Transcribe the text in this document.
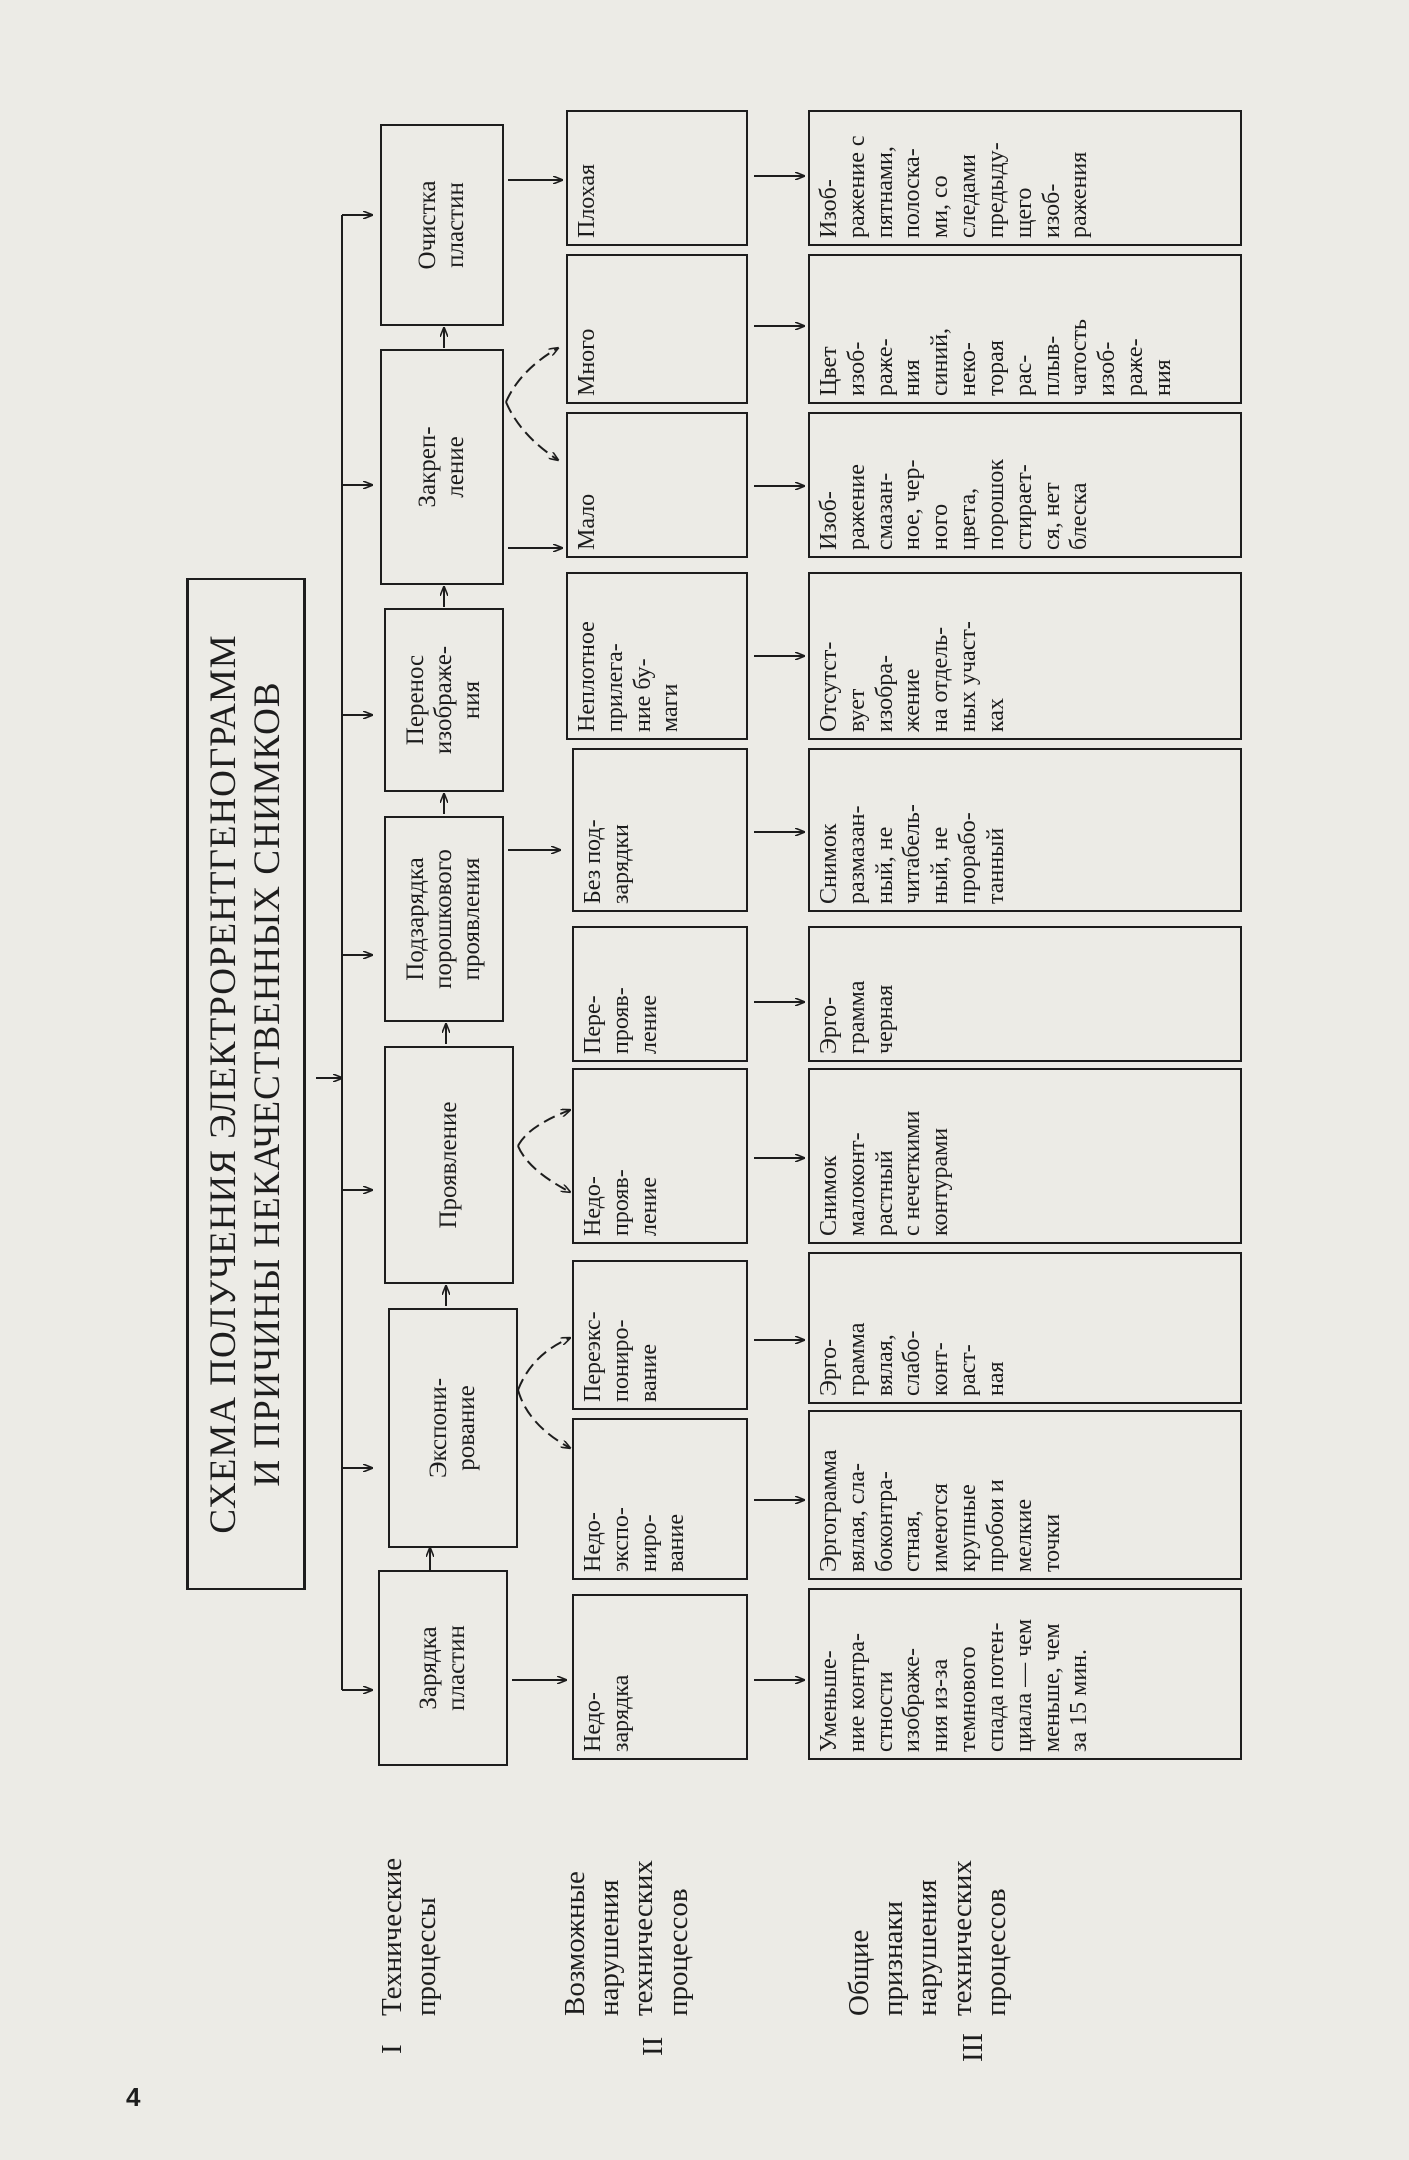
4
СХЕМА ПОЛУЧЕНИЯ ЭЛЕКТРОРЕНТГЕНОГРАММ И ПРИЧИНЫ НЕКАЧЕСТВЕННЫХ СНИМКОВ
I
Технические
процессы
II
Возможные
нарушения
технических
процессов
III
Общие
признаки
нарушения
технических
процессов
Зарядка
пластин
Экспони-
рование
Проявление
Подзарядка
порошкового
проявления
Перенос
изображе-
ния
Закреп-
ление
Очистка
пластин
Недо-
зарядка
Недо-
экспо-
ниро-
вание
Переэкс-
пониро-
вание
Недо-
прояв-
ление
Пере-
прояв-
ление
Без под-
зарядки
Неплотное
прилега-
ние бу-
маги
Мало
Много
Плохая
Уменьше-
ние контра-
стности
изображе-
ния из-за
темнового
спада потен-
циала — чем
меньше, чем
за 15 мин.
Эргограмма
вялая, сла-
боконтра-
стная,
имеются
крупные
пробои и
мелкие
точки
Эрго-
грамма
вялая,
слабо-
конт-
раст-
ная
Снимок
малоконт-
растный
с нечеткими
контурами
Эрго-
грамма
черная
Снимок
размазан-
ный, не
читабель-
ный, не
прорабо-
танный
Отсутст-
вует
изобра-
жение
на отдель-
ных участ-
ках
Изоб-
ражение
смазан-
ное, чер-
ного
цвета,
порошок
стирает-
ся, нет
блеска
Цвет
изоб-
раже-
ния
синий,
неко-
торая
рас-
плыв-
чатость
изоб-
раже-
ния
Изоб-
ражение с
пятнами,
полоска-
ми, со
следами
предыду-
щего
изоб-
ражения
